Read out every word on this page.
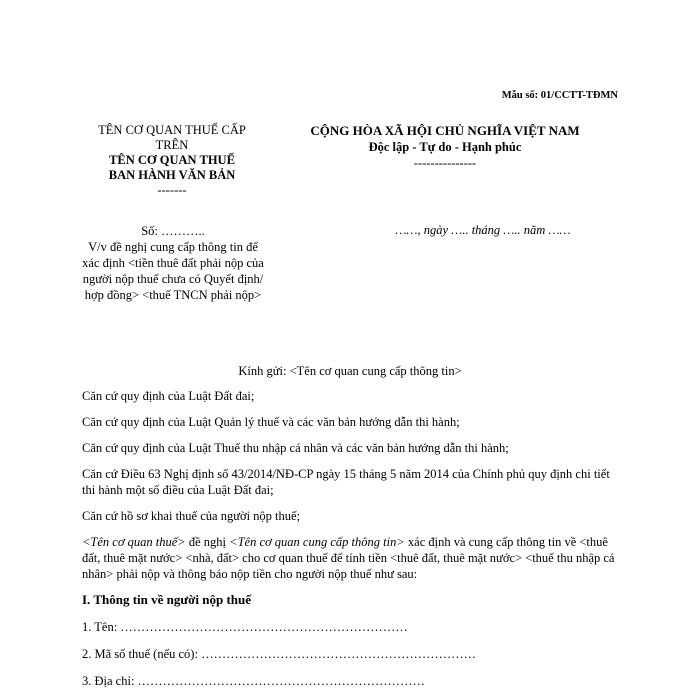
Mẫu số: 01/CCTT-TĐMN
TÊN CƠ QUAN THUẾ CẤP TRÊN
TÊN CƠ QUAN THUẾ
BAN HÀNH VĂN BẢN
-------
CỘNG HÒA XÃ HỘI CHỦ NGHĨA VIỆT NAM
Độc lập - Tự do - Hạnh phúc
---------------
Số: ………..
V/v đề nghị cung cấp thông tin để xác định <tiền thuê đất phải nộp của người nộp thuế chưa có Quyết định/ hợp đồng> <thuế TNCN phải nộp>
……, ngày ….. tháng ….. năm ……
Kính gửi: <Tên cơ quan cung cấp thông tin>

Căn cứ quy định của Luật Đất đai;

Căn cứ quy định của Luật Quản lý thuế và các văn bản hướng dẫn thi hành;

Căn cứ quy định của Luật Thuế thu nhập cá nhân và các văn bản hướng dẫn thi hành;

Căn cứ Điều 63 Nghị định số 43/2014/NĐ-CP ngày 15 tháng 5 năm 2014 của Chính phủ quy định chi tiết thi hành một số điều của Luật Đất đai;

Căn cứ hồ sơ khai thuế của người nộp thuế;

<Tên cơ quan thuế> đề nghị <Tên cơ quan cung cấp thông tin> xác định và cung cấp thông tin về <thuê đất, thuê mặt nước> <nhà, đất> cho cơ quan thuế để tính tiền <thuê đất, thuê mặt nước> <thuế thu nhập cá nhân> phải nộp và thông báo nộp tiền cho người nộp thuế như sau:

I. Thông tin về người nộp thuế
1. Tên: ……………………………………………………………
2. Mã số thuế (nếu có): …………………………………………………………
3. Địa chỉ: ……………………………………………………………
